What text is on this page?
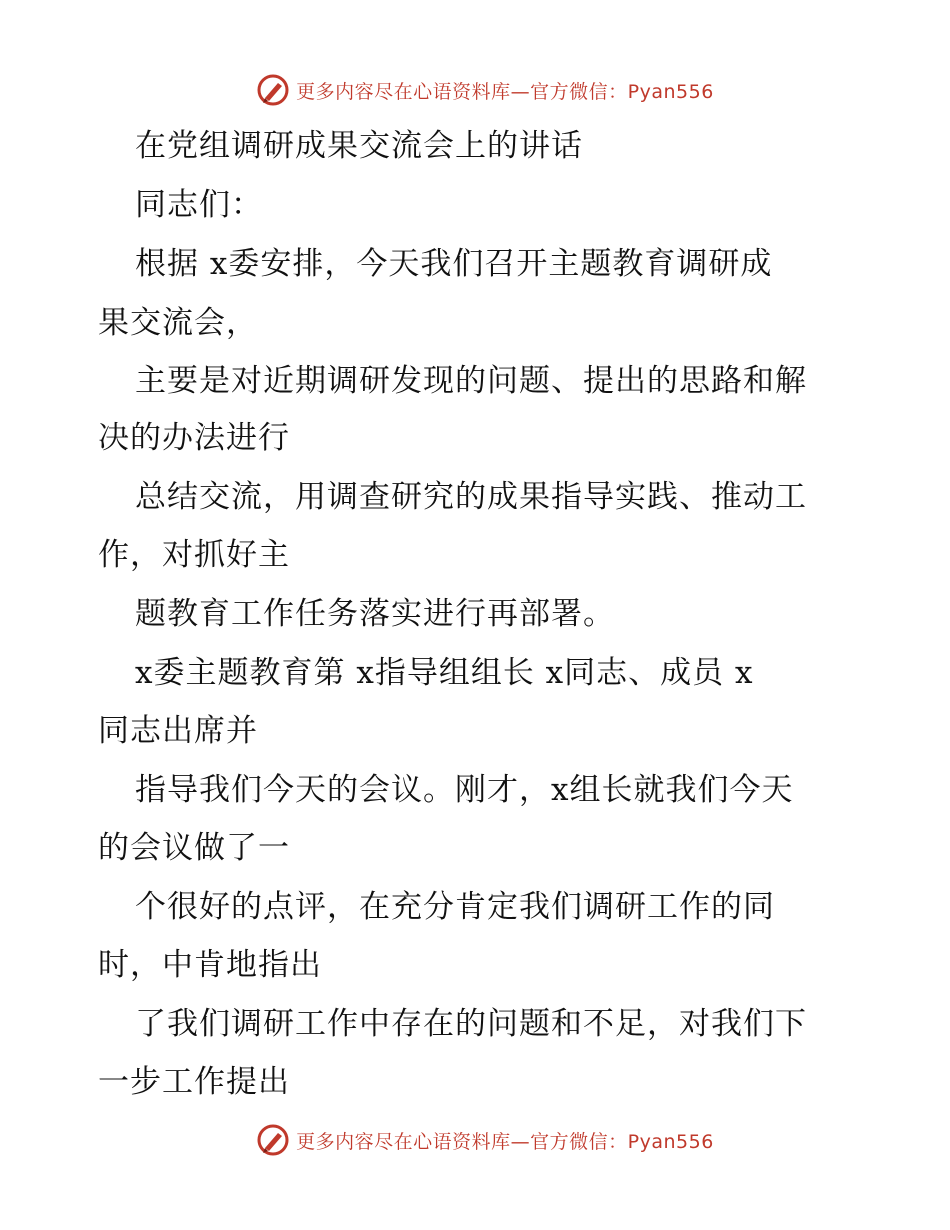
更多内容尽在心语资料库—官方微信：Pyan556
在党组调研成果交流会上的讲话
同志们：
根据 x委安排，今天我们召开主题教育调研成
果交流会，
主要是对近期调研发现的问题、提出的思路和解
决的办法进行
总结交流，用调查研究的成果指导实践、推动工
作，对抓好主
题教育工作任务落实进行再部署。
x委主题教育第 x指导组组长 x同志、成员 x
同志出席并
指导我们今天的会议。刚才，x组长就我们今天
的会议做了一
个很好的点评，在充分肯定我们调研工作的同
时，中肯地指出
了我们调研工作中存在的问题和不足，对我们下
一步工作提出
更多内容尽在心语资料库—官方微信：Pyan556
